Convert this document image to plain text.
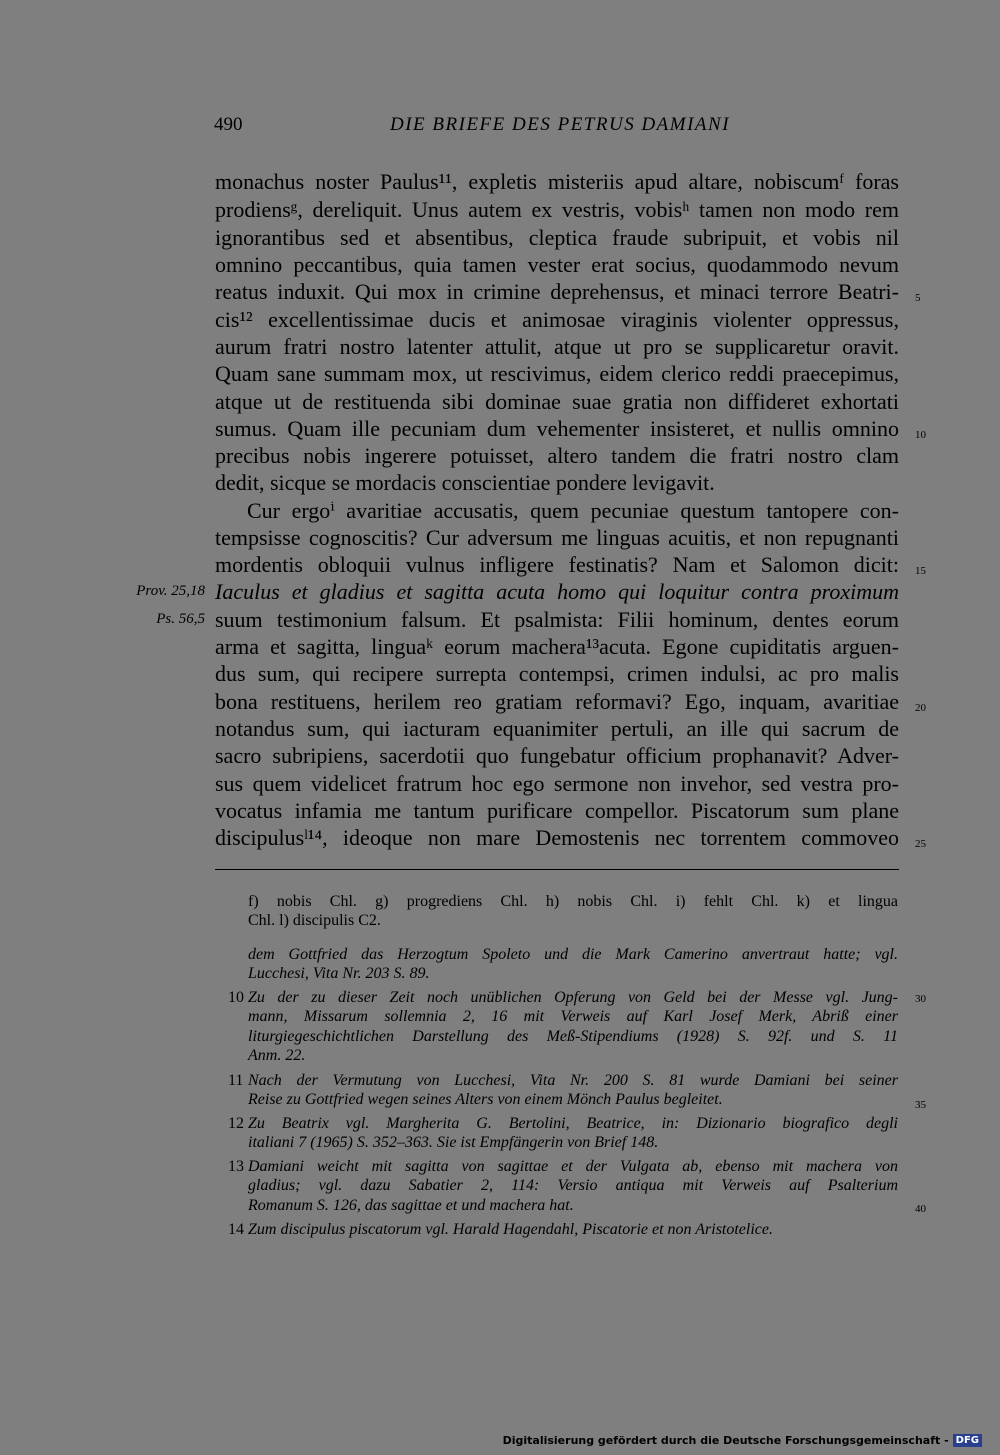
490	DIE BRIEFE DES PETRUS DAMIANI
monachus noster Paulus¹¹, expletis misteriis apud altare, nobiscumᶠ foras
prodiensᵍ, dereliquit. Unus autem ex vestris, vobisʰ tamen non modo rem
ignorantibus sed et absentibus, cleptica fraude subripuit, et vobis nil
omnino peccantibus, quia tamen vester erat socius, quodammodo nevum
reatus induxit. Qui mox in crimine deprehensus, et minaci terrore Beatri-
cis¹² excellentissimae ducis et animosae viraginis violenter oppressus,
aurum fratri nostro latenter attulit, atque ut pro se supplicaretur oravit.
Quam sane summam mox, ut rescivimus, eidem clerico reddi praecepimus,
atque ut de restituenda sibi dominae suae gratia non diffideret exhortati
sumus. Quam ille pecuniam dum vehementer insisteret, et nullis omnino
precibus nobis ingerere potuisset, altero tandem die fratri nostro clam
dedit, sicque se mordacis conscientiae pondere levigavit.
Cur ergoⁱ avaritiae accusatis, quem pecuniae questum tantopere con-
tempsisse cognoscitis? Cur adversum me linguas acuitis, et non repugnanti
mordentis obloquii vulnus infligere festinatis? Nam et Salomon dicit:
Iaculus et gladius et sagitta acuta homo qui loquitur contra proximum
suum testimonium falsum. Et psalmista: Filii hominum, dentes eorum
arma et sagitta, linguaᵏ eorum machera¹³acuta. Egone cupiditatis arguen-
dus sum, qui recipere surrepta contempsi, crimen indulsi, ac pro malis
bona restituens, herilem reo gratiam reformavi? Ego, inquam, avaritiae
notandus sum, qui iacturam equanimiter pertuli, an ille qui sacrum de
sacro subripiens, sacerdotii quo fungebatur officium prophanavit? Adver-
sus quem videlicet fratrum hoc ego sermone non invehor, sed vestra pro-
vocatus infamia me tantum purificare compellor. Piscatorum sum plane
discipulusˡ¹⁴, ideoque non mare Demostenis nec torrentem commoveo
5
10
15
20
25
30
35
40
Prov. 25,18
Ps. 56,5
f) nobis Chl. g) progrediens Chl. h) nobis Chl. i) fehlt Chl. k) et lingua
Chl. l) discipulis C2.
dem Gottfried das Herzogtum Spoleto und die Mark Camerino anvertraut hatte; vgl.
Lucchesi, Vita Nr. 203 S. 89.
10 Zu der zu dieser Zeit noch unüblichen Opferung von Geld bei der Messe vgl. Jung-
mann, Missarum sollemnia 2, 16 mit Verweis auf Karl Josef Merk, Abriß einer
liturgiegeschichtlichen Darstellung des Meß-Stipendiums (1928) S. 92f. und S. 11
Anm. 22.
11 Nach der Vermutung von Lucchesi, Vita Nr. 200 S. 81 wurde Damiani bei seiner
Reise zu Gottfried wegen seines Alters von einem Mönch Paulus begleitet.
12 Zu Beatrix vgl. Margherita G. Bertolini, Beatrice, in: Dizionario biografico degli
italiani 7 (1965) S. 352–363. Sie ist Empfängerin von Brief 148.
13 Damiani weicht mit sagitta von sagittae et der Vulgata ab, ebenso mit machera von
gladius; vgl. dazu Sabatier 2, 114: Versio antiqua mit Verweis auf Psalterium
Romanum S. 126, das sagittae et und machera hat.
14 Zum discipulus piscatorum vgl. Harald Hagendahl, Piscatorie et non Aristotelice.
Digitalisierung gefördert durch die Deutsche Forschungsgemeinschaft - DFG
